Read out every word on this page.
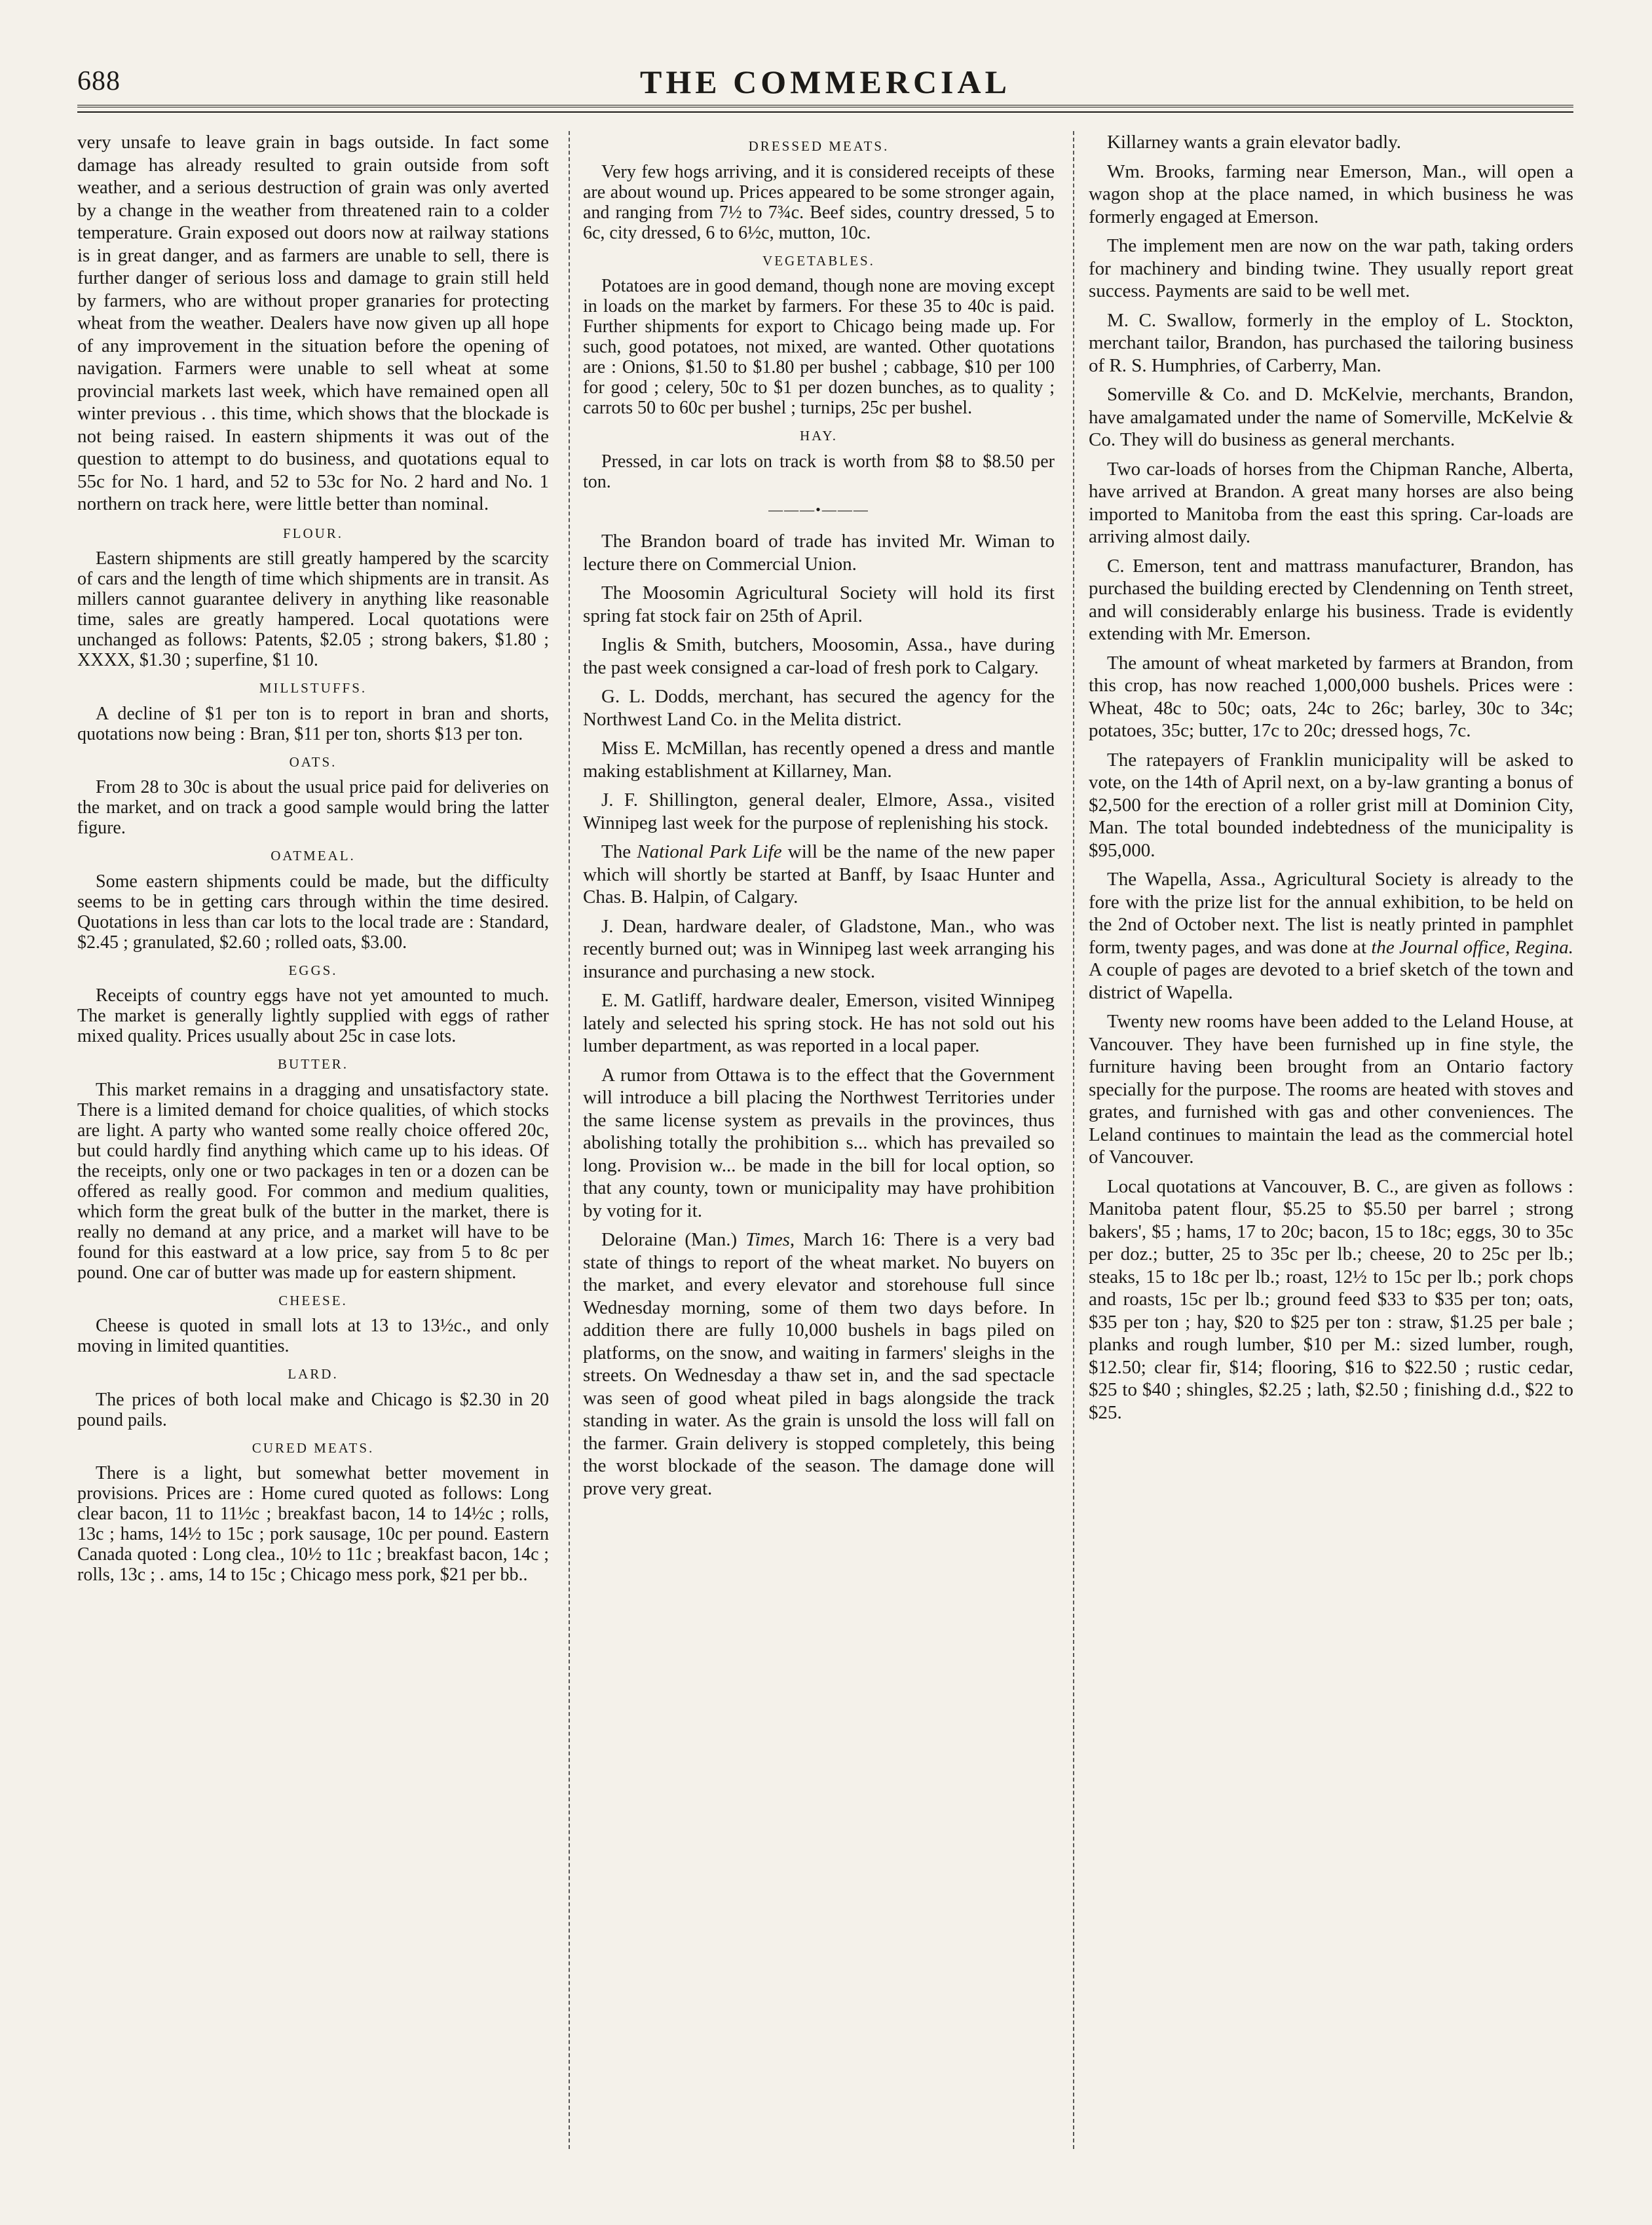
688	THE COMMERCIAL

very unsafe to leave grain in bags outside. In fact some damage has already resulted to grain outside from soft weather, and a serious destruction of grain was only averted by a change in the weather from threatened rain to a colder temperature. Grain exposed out doors now at railway stations is in great danger, and as farmers are unable to sell, there is further danger of serious loss and damage to grain still held by farmers, who are without proper granaries for protecting wheat from the weather. Dealers have now given up all hope of any improvement in the situation before the opening of navigation. Farmers were unable to sell wheat at some provincial markets last week, which have remained open all winter previous . . this time, which shows that the blockade is not being raised. In eastern shipments it was out of the question to attempt to do business, and quotations equal to 55c for No. 1 hard, and 52 to 53c for No. 2 hard and No. 1 northern on track here, were little better than nominal.

FLOUR.

Eastern shipments are still greatly hampered by the scarcity of cars and the length of time which shipments are in transit. As millers cannot guarantee delivery in anything like reasonable time, sales are greatly hampered. Local quotations were unchanged as follows: Patents, $2.05 ; strong bakers, $1.80 ; XXXX, $1.30 ; superfine, $1 10.

MILLSTUFFS.

A decline of $1 per ton is to report in bran and shorts, quotations now being : Bran, $11 per ton, shorts $13 per ton.

OATS.

From 28 to 30c is about the usual price paid for deliveries on the market, and on track a good sample would bring the latter figure.

OATMEAL.

Some eastern shipments could be made, but the difficulty seems to be in getting cars through within the time desired. Quotations in less than car lots to the local trade are : Standard, $2.45 ; granulated, $2.60 ; rolled oats, $3.00.

EGGS.

Receipts of country eggs have not yet amounted to much. The market is generally lightly supplied with eggs of rather mixed quality. Prices usually about 25c in case lots.

BUTTER.

This market remains in a dragging and unsatisfactory state. There is a limited demand for choice qualities, of which stocks are light. A party who wanted some really choice offered 20c, but could hardly find anything which came up to his ideas. Of the receipts, only one or two packages in ten or a dozen can be offered as really good. For common and medium qualities, which form the great bulk of the butter in the market, there is really no demand at any price, and a market will have to be found for this eastward at a low price, say from 5 to 8c per pound. One car of butter was made up for eastern shipment.

CHEESE.

Cheese is quoted in small lots at 13 to 13½c., and only moving in limited quantities.

LARD.

The prices of both local make and Chicago is $2.30 in 20 pound pails.

CURED MEATS.

There is a light, but somewhat better movement in provisions. Prices are : Home cured quoted as follows: Long clear bacon, 11 to 11½c ; breakfast bacon, 14 to 14½c ; rolls, 13c ; hams, 14½ to 15c ; pork sausage, 10c per pound. Eastern Canada quoted : Long clea., 10½ to 11c ; breakfast bacon, 14c ; rolls, 13c ; . ams, 14 to 15c ; Chicago mess pork, $21 per bb..

DRESSED MEATS.

Very few hogs arriving, and it is considered receipts of these are about wound up. Prices appeared to be some stronger again, and ranging from 7½ to 7¾c. Beef sides, country dressed, 5 to 6c, city dressed, 6 to 6½c, mutton, 10c.

VEGETABLES.

Potatoes are in good demand, though none are moving except in loads on the market by farmers. For these 35 to 40c is paid. Further shipments for export to Chicago being made up. For such, good potatoes, not mixed, are wanted. Other quotations are : Onions, $1.50 to $1.80 per bushel ; cabbage, $10 per 100 for good ; celery, 50c to $1 per dozen bunches, as to quality ; carrots 50 to 60c per bushel ; turnips, 25c per bushel.

HAY.

Pressed, in car lots on track is worth from $8 to $8.50 per ton.

———•———

The Brandon board of trade has invited Mr. Wiman to lecture there on Commercial Union.

The Moosomin Agricultural Society will hold its first spring fat stock fair on 25th of April.

Inglis & Smith, butchers, Moosomin, Assa., have during the past week consigned a car-load of fresh pork to Calgary.

G. L. Dodds, merchant, has secured the agency for the Northwest Land Co. in the Melita district.

Miss E. McMillan, has recently opened a dress and mantle making establishment at Killarney, Man.

J. F. Shillington, general dealer, Elmore, Assa., visited Winnipeg last week for the purpose of replenishing his stock.

The National Park Life will be the name of the new paper which will shortly be started at Banff, by Isaac Hunter and Chas. B. Halpin, of Calgary.

J. Dean, hardware dealer, of Gladstone, Man., who was recently burned out; was in Winnipeg last week arranging his insurance and purchasing a new stock.

E. M. Gatliff, hardware dealer, Emerson, visited Winnipeg lately and selected his spring stock. He has not sold out his lumber department, as was reported in a local paper.

A rumor from Ottawa is to the effect that the Government will introduce a bill placing the Northwest Territories under the same license system as prevails in the provinces, thus abolishing totally the prohibition s... which has prevailed so long. Provision w... be made in the bill for local option, so that any county, town or municipality may have prohibition by voting for it.

Deloraine (Man.) Times, March 16: There is a very bad state of things to report of the wheat market. No buyers on the market, and every elevator and storehouse full since Wednesday morning, some of them two days before. In addition there are fully 10,000 bushels in bags piled on platforms, on the snow, and waiting in farmers' sleighs in the streets. On Wednesday a thaw set in, and the sad spectacle was seen of good wheat piled in bags alongside the track standing in water. As the grain is unsold the loss will fall on the farmer. Grain delivery is stopped completely, this being the worst blockade of the season. The damage done will prove very great.

Killarney wants a grain elevator badly.

Wm. Brooks, farming near Emerson, Man., will open a wagon shop at the place named, in which business he was formerly engaged at Emerson.

The implement men are now on the war path, taking orders for machinery and binding twine. They usually report great success. Payments are said to be well met.

M. C. Swallow, formerly in the employ of L. Stockton, merchant tailor, Brandon, has purchased the tailoring business of R. S. Humphries, of Carberry, Man.

Somerville & Co. and D. McKelvie, merchants, Brandon, have amalgamated under the name of Somerville, McKelvie & Co. They will do business as general merchants.

Two car-loads of horses from the Chipman Ranche, Alberta, have arrived at Brandon. A great many horses are also being imported to Manitoba from the east this spring. Car-loads are arriving almost daily.

C. Emerson, tent and mattrass manufacturer, Brandon, has purchased the building erected by Clendenning on Tenth street, and will considerably enlarge his business. Trade is evidently extending with Mr. Emerson.

The amount of wheat marketed by farmers at Brandon, from this crop, has now reached 1,000,000 bushels. Prices were : Wheat, 48c to 50c; oats, 24c to 26c; barley, 30c to 34c; potatoes, 35c; butter, 17c to 20c; dressed hogs, 7c.

The ratepayers of Franklin municipality will be asked to vote, on the 14th of April next, on a by-law granting a bonus of $2,500 for the erection of a roller grist mill at Dominion City, Man. The total bounded indebtedness of the municipality is $95,000.

The Wapella, Assa., Agricultural Society is already to the fore with the prize list for the annual exhibition, to be held on the 2nd of October next. The list is neatly printed in pamphlet form, twenty pages, and was done at the Journal office, Regina. A couple of pages are devoted to a brief sketch of the town and district of Wapella.

Twenty new rooms have been added to the Leland House, at Vancouver. They have been furnished up in fine style, the furniture having been brought from an Ontario factory specially for the purpose. The rooms are heated with stoves and grates, and furnished with gas and other conveniences. The Leland continues to maintain the lead as the commercial hotel of Vancouver.

Local quotations at Vancouver, B. C., are given as follows : Manitoba patent flour, $5.25 to $5.50 per barrel ; strong bakers', $5 ; hams, 17 to 20c; bacon, 15 to 18c; eggs, 30 to 35c per doz.; butter, 25 to 35c per lb.; cheese, 20 to 25c per lb.; steaks, 15 to 18c per lb.; roast, 12½ to 15c per lb.; pork chops and roasts, 15c per lb.; ground feed $33 to $35 per ton; oats, $35 per ton ; hay, $20 to $25 per ton : straw, $1.25 per bale ; planks and rough lumber, $10 per M.: sized lumber, rough, $12.50; clear fir, $14; flooring, $16 to $22.50 ; rustic cedar, $25 to $40 ; shingles, $2.25 ; lath, $2.50 ; finishing d.d., $22 to $25.
